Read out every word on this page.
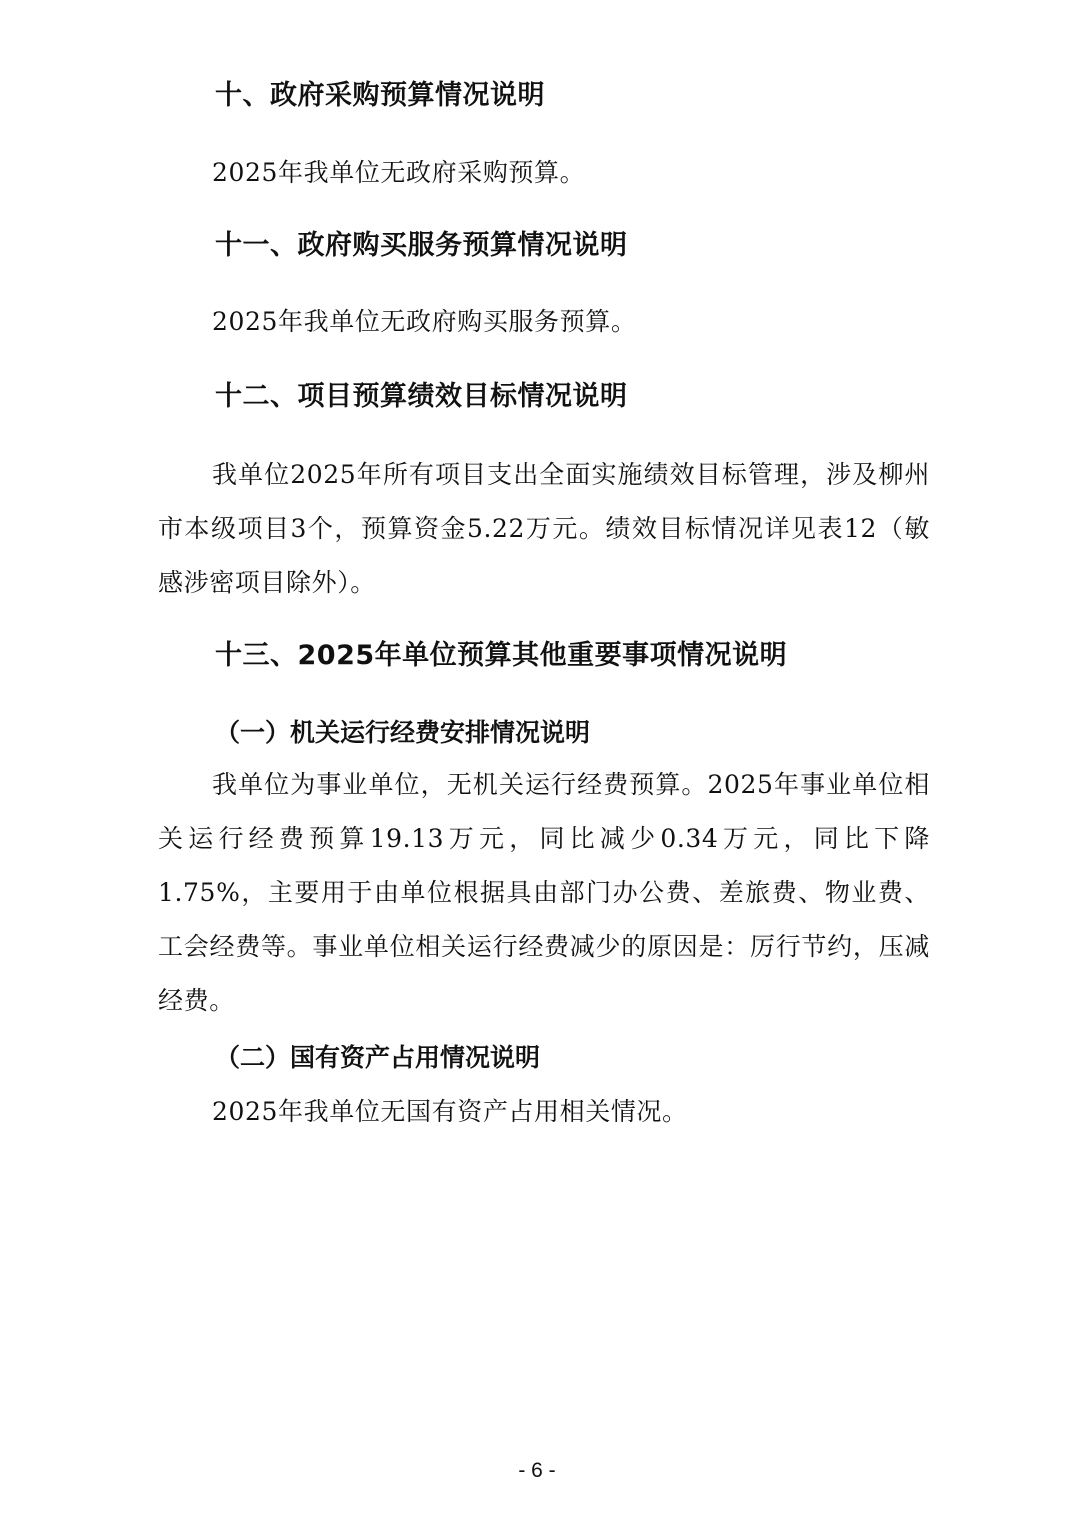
十、政府采购预算情况说明

2025年我单位无政府采购预算。

十一、政府购买服务预算情况说明

2025年我单位无政府购买服务预算。

十二、项目预算绩效目标情况说明

我单位2025年所有项目支出全面实施绩效目标管理，涉及柳州市本级项目3个，预算资金5.22万元。绩效目标情况详见表12（敏感涉密项目除外）。

十三、2025年单位预算其他重要事项情况说明
（一）机关运行经费安排情况说明

我单位为事业单位，无机关运行经费预算。2025年事业单位相关运行经费预算19.13万元，同比减少0.34万元，同比下降1.75%，主要用于由单位根据具由部门办公费、差旅费、物业费、工会经费等。事业单位相关运行经费减少的原因是：厉行节约，压减经费。

（二）国有资产占用情况说明

2025年我单位无国有资产占用相关情况。

- 6 -
